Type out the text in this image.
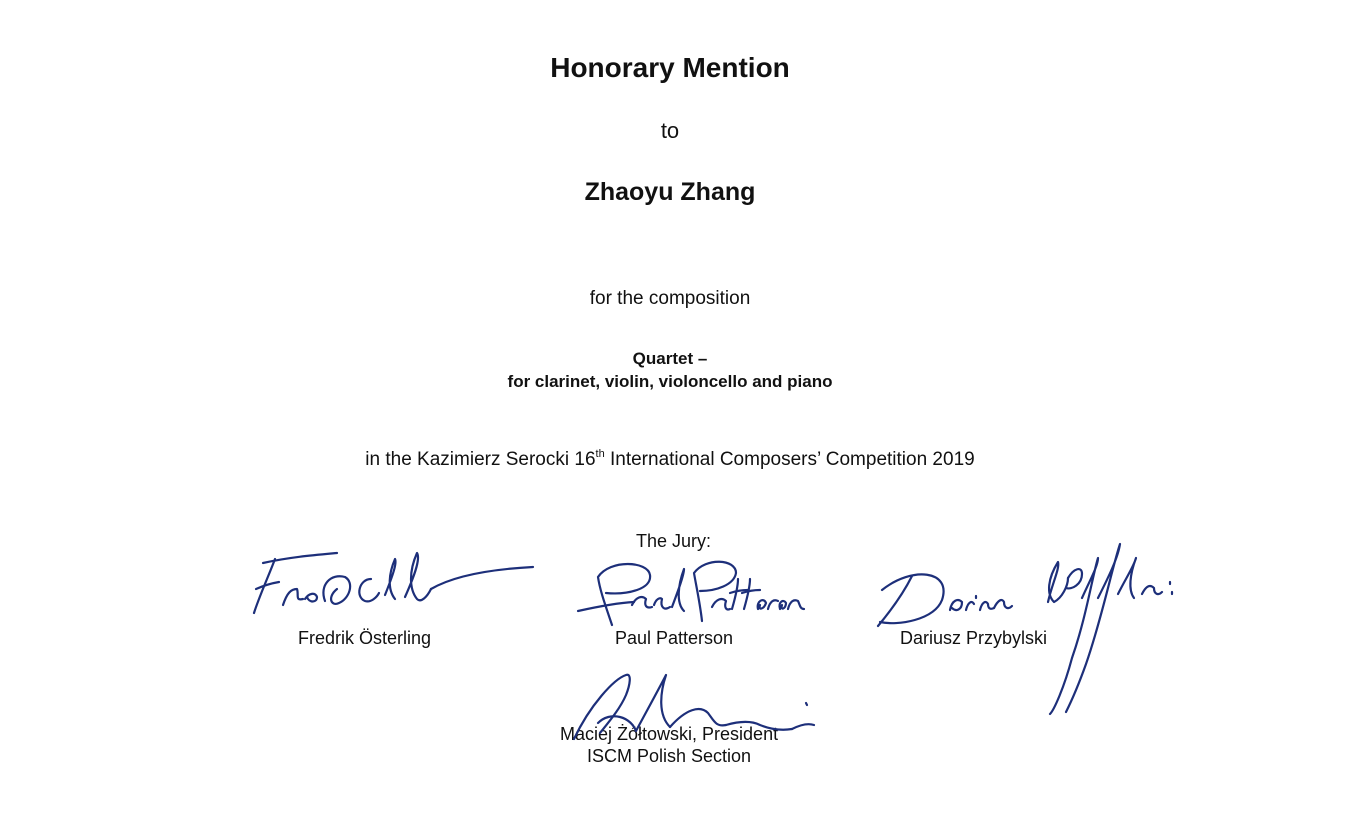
Honorary Mention
to
Zhaoyu Zhang
for the composition
Quartet –
for clarinet, violin, violoncello and piano
in the Kazimierz Serocki 16th International Composers’ Competition 2019
The Jury:
Fredrik Österling	Paul Patterson	Dariusz Przybylski
Maciej Żółtowski, President
ISCM Polish Section
